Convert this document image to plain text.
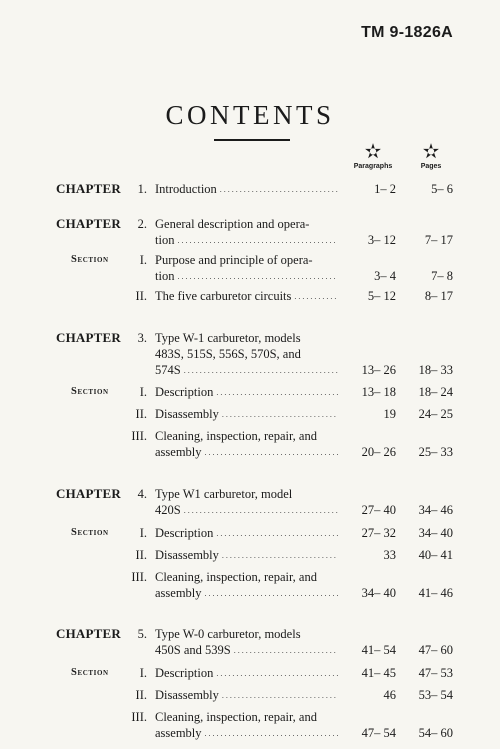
TM 9-1826A
CONTENTS
✫
Paragraphs
✫
Pages
CHAPTER 1. Introduction . . .	1– 2	5– 6
CHAPTER 2. General description and opera-
tion . . .	3– 12	7– 17
Section I. Purpose and principle of opera-
tion . . .	3– 4	7– 8
II. The five carburetor circuits . . .	5– 12	8– 17
CHAPTER 3. Type W-1 carburetor, models
483S, 515S, 556S, 570S, and
574S . . .	13– 26	18– 33
Section I. Description . . .	13– 18	18– 24
II. Disassembly . . .	19	24– 25
III. Cleaning, inspection, repair, and
assembly . . .	20– 26	25– 33
CHAPTER 4. Type W1 carburetor, model
420S . . .	27– 40	34– 46
Section I. Description . . .	27– 32	34– 40
II. Disassembly . . .	33	40– 41
III. Cleaning, inspection, repair, and
assembly . . .	34– 40	41– 46
CHAPTER 5. Type W-0 carburetor, models
450S and 539S . . .	41– 54	47– 60
Section I. Description . . .	41– 45	47– 53
II. Disassembly . . .	46	53– 54
III. Cleaning, inspection, repair, and
assembly . . .	47– 54	54– 60
